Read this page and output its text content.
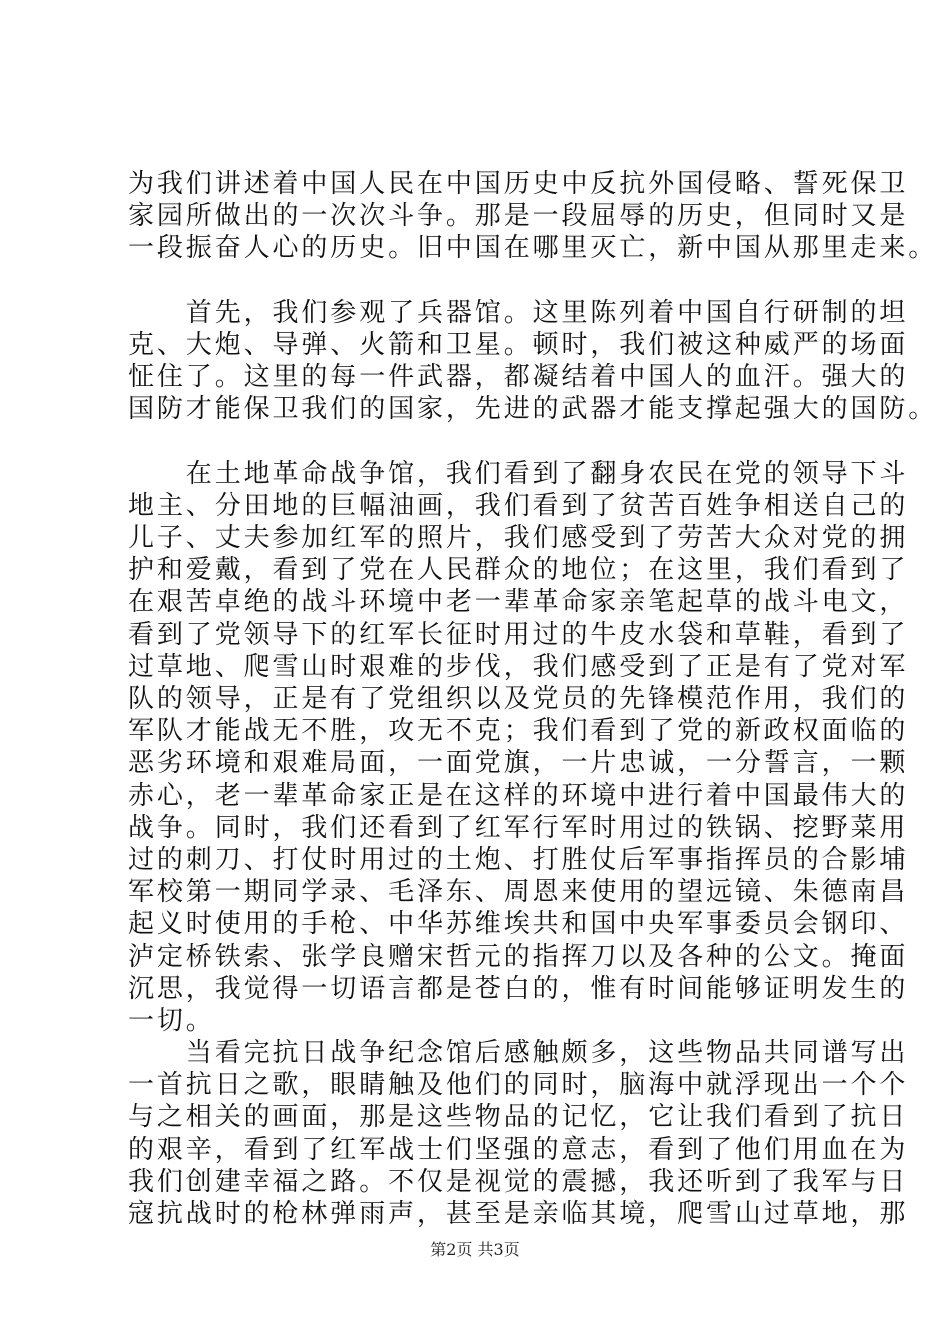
为我们讲述着中国人民在中国历史中反抗外国侵略、誓死保卫
家园所做出的一次次斗争。那是一段屈辱的历史，但同时又是
一段振奋人心的历史。旧中国在哪里灭亡，新中国从那里走来。
　　首先，我们参观了兵器馆。这里陈列着中国自行研制的坦
克、大炮、导弹、火箭和卫星。顿时，我们被这种威严的场面
怔住了。这里的每一件武器，都凝结着中国人的血汗。强大的
国防才能保卫我们的国家，先进的武器才能支撑起强大的国防。
　　在土地革命战争馆，我们看到了翻身农民在党的领导下斗
地主、分田地的巨幅油画，我们看到了贫苦百姓争相送自己的
儿子、丈夫参加红军的照片，我们感受到了劳苦大众对党的拥
护和爱戴，看到了党在人民群众的地位；在这里，我们看到了
在艰苦卓绝的战斗环境中老一辈革命家亲笔起草的战斗电文，
看到了党领导下的红军长征时用过的牛皮水袋和草鞋，看到了
过草地、爬雪山时艰难的步伐，我们感受到了正是有了党对军
队的领导，正是有了党组织以及党员的先锋模范作用，我们的
军队才能战无不胜，攻无不克；我们看到了党的新政权面临的
恶劣环境和艰难局面，一面党旗，一片忠诚，一分誓言，一颗
赤心，老一辈革命家正是在这样的环境中进行着中国最伟大的
战争。同时，我们还看到了红军行军时用过的铁锅、挖野菜用
过的刺刀、打仗时用过的土炮、打胜仗后军事指挥员的合影埔
军校第一期同学录、毛泽东、周恩来使用的望远镜、朱德南昌
起义时使用的手枪、中华苏维埃共和国中央军事委员会钢印、
泸定桥铁索、张学良赠宋哲元的指挥刀以及各种的公文。掩面
沉思，我觉得一切语言都是苍白的，惟有时间能够证明发生的
一切。
　　当看完抗日战争纪念馆后感触颇多，这些物品共同谱写出
一首抗日之歌，眼睛触及他们的同时，脑海中就浮现出一个个
与之相关的画面，那是这些物品的记忆，它让我们看到了抗日
的艰辛，看到了红军战士们坚强的意志，看到了他们用血在为
我们创建幸福之路。不仅是视觉的震撼，我还听到了我军与日
寇抗战时的枪林弹雨声，甚至是亲临其境，爬雪山过草地，那
第2页 共3页
